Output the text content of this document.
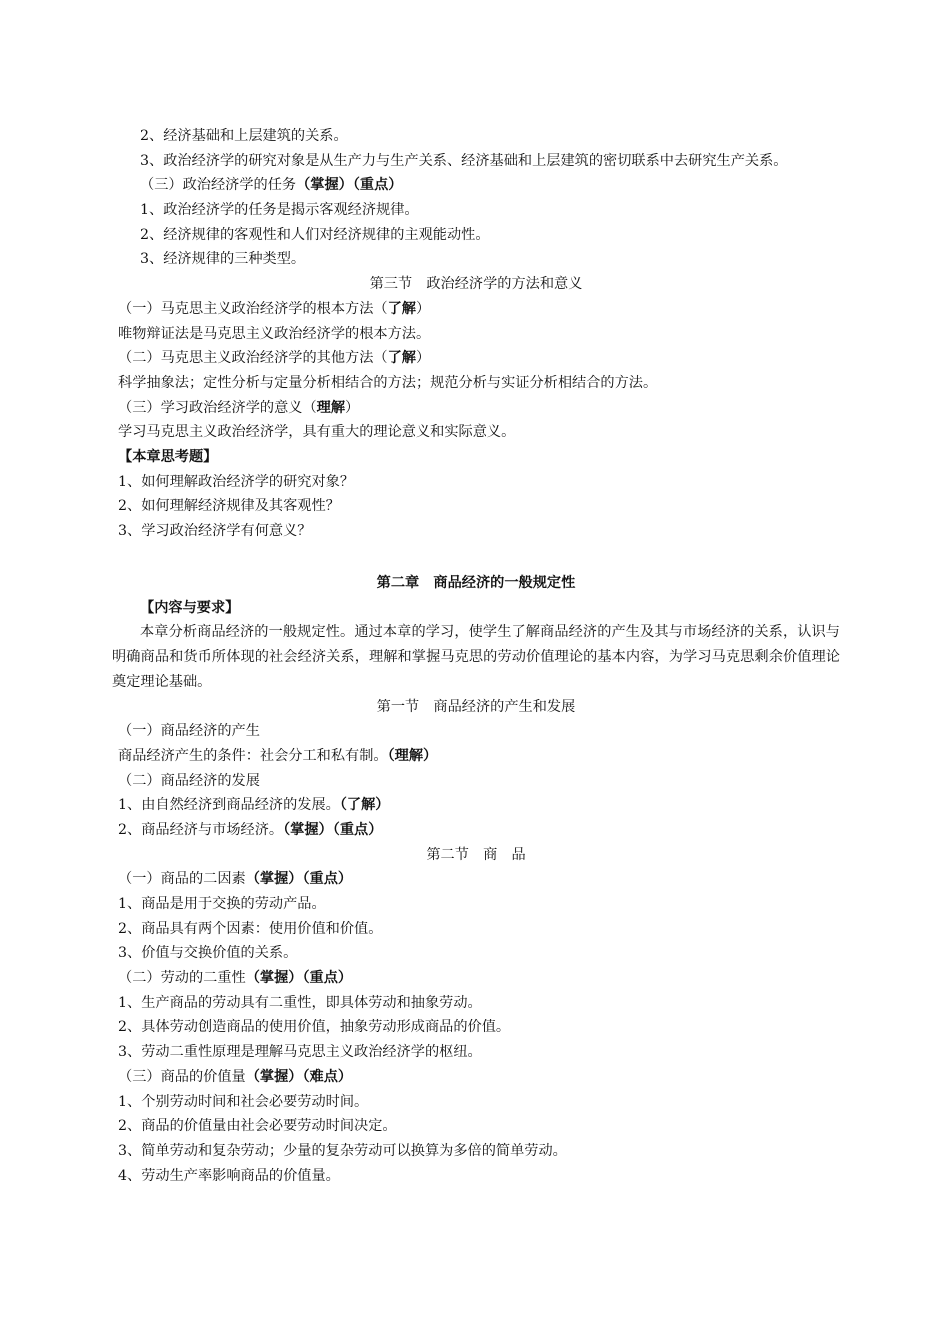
2、经济基础和上层建筑的关系。

3、政治经济学的研究对象是从生产力与生产关系、经济基础和上层建筑的密切联系中去研究生产关系。

（三）政治经济学的任务（掌握）（重点）
1、政治经济学的任务是揭示客观经济规律。
2、经济规律的客观性和人们对经济规律的主观能动性。
3、经济规律的三种类型。
第三节　政治经济学的方法和意义
（一）马克思主义政治经济学的根本方法（了解）
唯物辩证法是马克思主义政治经济学的根本方法。
（二）马克思主义政治经济学的其他方法（了解）
科学抽象法；定性分析与定量分析相结合的方法；规范分析与实证分析相结合的方法。
（三）学习政治经济学的意义（理解）
学习马克思主义政治经济学，具有重大的理论意义和实际意义。
【本章思考题】
1、如何理解政治经济学的研究对象？
2、如何理解经济规律及其客观性？
3、学习政治经济学有何意义？
第二章　商品经济的一般规定性
【内容与要求】

本章分析商品经济的一般规定性。通过本章的学习，使学生了解商品经济的产生及其与市场经济的关系，认识与明确商品和货币所体现的社会经济关系，理解和掌握马克思的劳动价值理论的基本内容，为学习马克思剩余价值理论奠定理论基础。

第一节　商品经济的产生和发展
（一）商品经济的产生
商品经济产生的条件：社会分工和私有制。（理解）
（二）商品经济的发展
1、由自然经济到商品经济的发展。（了解）
2、商品经济与市场经济。（掌握）（重点）
第二节　商　品
（一）商品的二因素（掌握）（重点）
1、商品是用于交换的劳动产品。
2、商品具有两个因素：使用价值和价值。
3、价值与交换价值的关系。
（二）劳动的二重性（掌握）（重点）
1、生产商品的劳动具有二重性，即具体劳动和抽象劳动。
2、具体劳动创造商品的使用价值，抽象劳动形成商品的价值。
3、劳动二重性原理是理解马克思主义政治经济学的枢纽。
（三）商品的价值量（掌握）（难点）
1、个别劳动时间和社会必要劳动时间。
2、商品的价值量由社会必要劳动时间决定。
3、简单劳动和复杂劳动；少量的复杂劳动可以换算为多倍的简单劳动。
4、劳动生产率影响商品的价值量。
